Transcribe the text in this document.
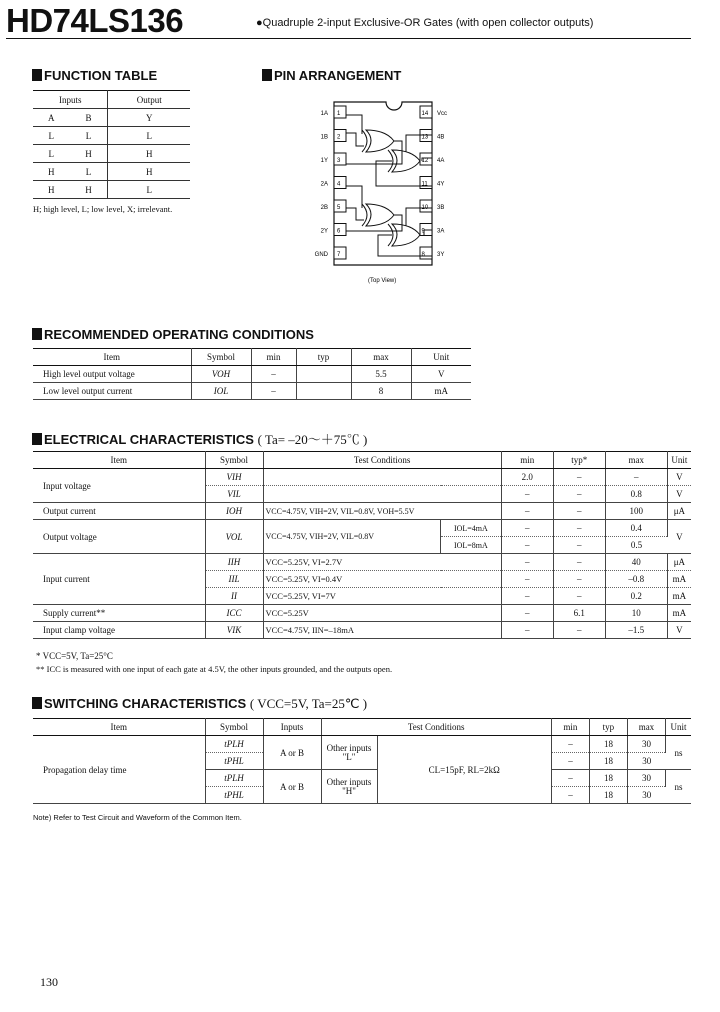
HD74LS136	●Quadruple 2-input Exclusive-OR Gates (with open collector outputs)
FUNCTION TABLE
Inputs		Output
A	B	Y
L	L	L
L	H	H
H	L	H
H	H	L
H; high level, L; low level, X; irrelevant.
PIN ARRANGEMENT
1
1A
2
1B
3
1Y
4
2A
5
2B
6
2Y
7
GND
14 Vcc
13 4B
12 4A
11 4Y
10 3B
9 3A
8 3Y
(Top View)
RECOMMENDED OPERATING CONDITIONS
Item	Symbol	min	typ	max	Unit
High level output voltage	VOH	–		5.5	V
Low level output current	IOL	–		8	mA
ELECTRICAL CHARACTERISTICS ( Ta= –20～＋75℃ )
Item	Symbol	Test Conditions		min	typ*	max	Unit
Input voltage	VIH			2.0	–	–	V
	VIL			–	–	0.8	V
Output current	IOH	VCC=4.75V, VIH=2V, VIL=0.8V, VOH=5.5V		–	–	100	μA
Output voltage	VOL	VCC=4.75V, VIH=2V, VIL=0.8V	IOL=4mA	–	–	0.4	V
			IOL=8mA	–	–	0.5	
Input current	IIH	VCC=5.25V, VI=2.7V		–	–	40	μA
	IIL	VCC=5.25V, VI=0.4V		–	–	–0.8	mA
	II	VCC=5.25V, VI=7V		–	–	0.2	mA
Supply current**	ICC	VCC=5.25V		–	6.1	10	mA
Input clamp voltage	VIK	VCC=4.75V, IIN=–18mA		–	–	–1.5	V
* VCC=5V, Ta=25°C
** ICC is measured with one input of each gate at 4.5V, the other inputs grounded, and the outputs open.
SWITCHING CHARACTERISTICS ( VCC=5V, Ta=25℃ )
Item	Symbol	Inputs	Test Conditions		min	typ	max	Unit
Propagation delay time	tPLH	A or B	Other inputs "L"	CL=15pF, RL=2kΩ	–	18	30	ns
	tPHL				–	18	30	
	tPLH	A or B	Other inputs "H"		–	18	30	ns
	tPHL				–	18	30	
Note) Refer to Test Circuit and Waveform of the Common Item.
130
